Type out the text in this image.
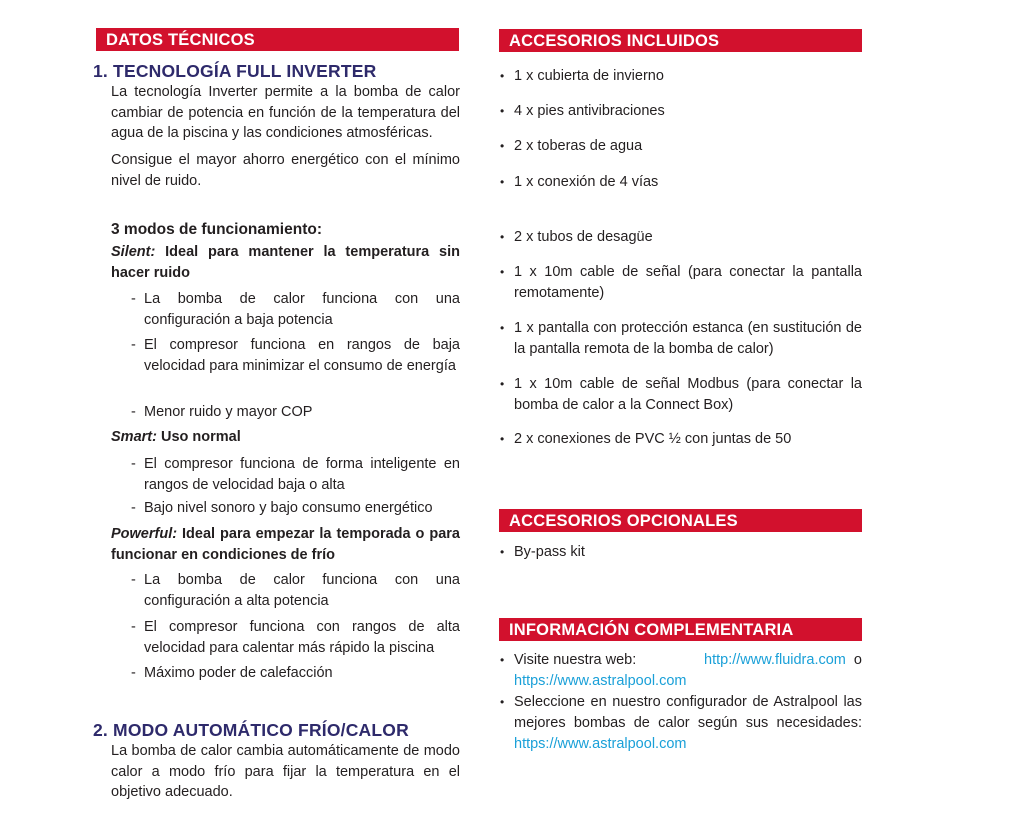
DATOS TÉCNICOS
1. TECNOLOGÍA FULL INVERTER
La tecnología Inverter permite a la bomba de calor cambiar de potencia en función de la temperatura del agua de la piscina y las condiciones atmosféricas.
Consigue el mayor ahorro energético con el mínimo nivel de ruido.
3 modos de funcionamiento:
Silent: Ideal para mantener la temperatura sin hacer ruido
- La bomba de calor funciona con una configuración a baja potencia
- El compresor funciona en rangos de baja velocidad para minimizar el consumo de energía
- Menor ruido y mayor COP
Smart: Uso normal
- El compresor funciona de forma inteligente en rangos de velocidad baja o alta
- Bajo nivel sonoro y bajo consumo energético
Powerful: Ideal para empezar la temporada o para funcionar en condiciones de frío
- La bomba de calor funciona con una configuración a alta potencia
- El compresor funciona con rangos de alta velocidad para calentar más rápido la piscina
- Máximo poder de calefacción
2. MODO AUTOMÁTICO FRÍO/CALOR
La bomba de calor cambia automáticamente de modo calor a modo frío para fijar la temperatura en el objetivo adecuado.
ACCESORIOS INCLUIDOS
• 1 x cubierta de invierno
• 4 x pies antivibraciones
• 2 x toberas de agua
• 1 x conexión de 4 vías
• 2 x tubos de desagüe
• 1 x 10m cable de señal (para conectar la pantalla remotamente)
• 1 x pantalla con protección estanca (en sustitución de la pantalla remota de la bomba de calor)
• 1 x 10m cable de señal Modbus (para conectar la bomba de calor a la Connect Box)
• 2 x conexiones de PVC ½ con juntas de 50
ACCESORIOS OPCIONALES
• By-pass kit
INFORMACIÓN COMPLEMENTARIA
• Visite nuestra web:	http://www.fluidra.com o
https://www.astralpool.com
• Seleccione en nuestro configurador de Astralpool las mejores bombas de calor según sus necesidades: https://www.astralpool.com
